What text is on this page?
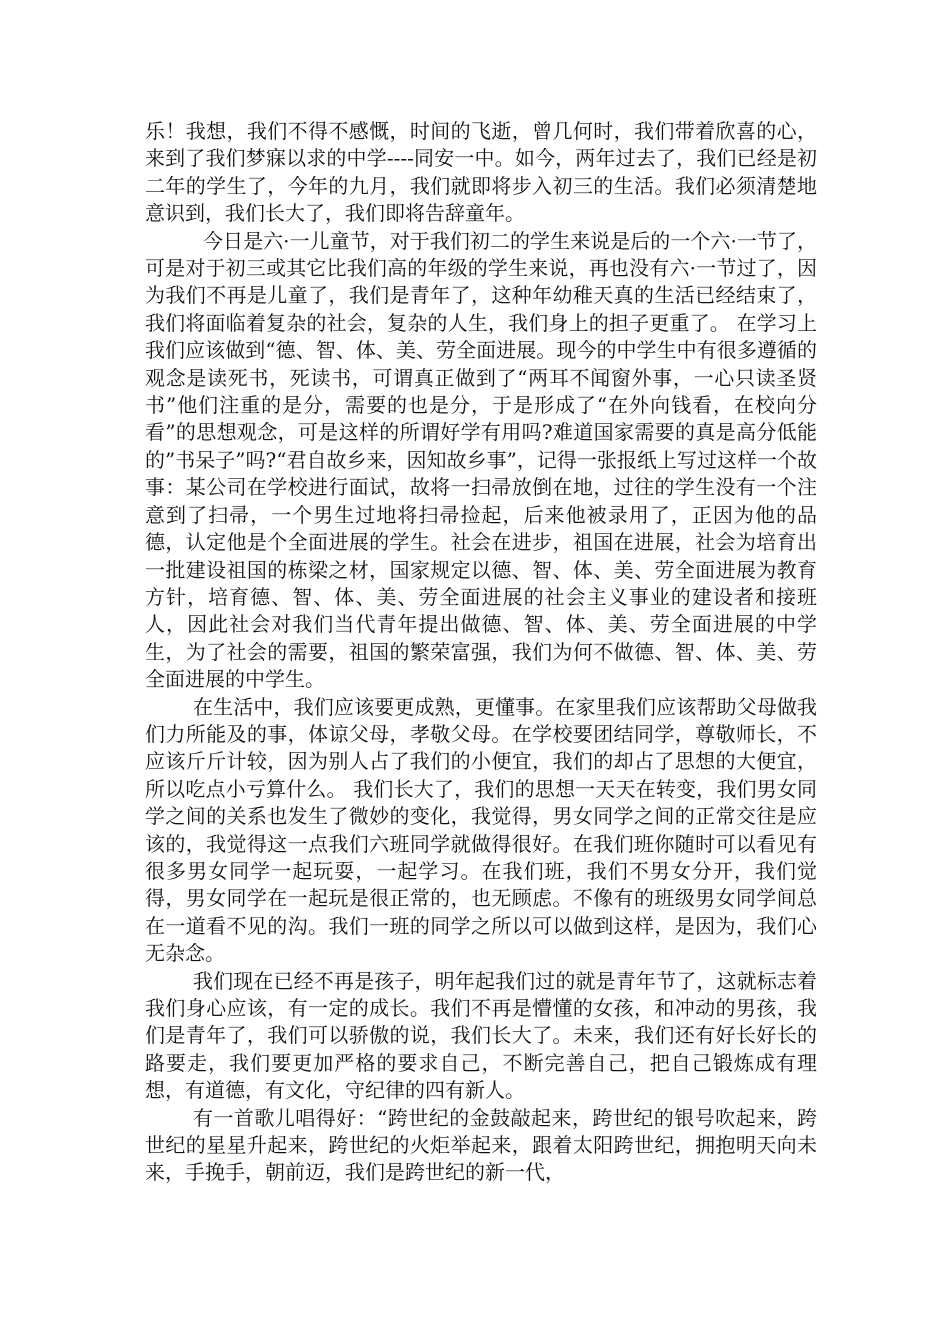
乐！我想，我们不得不感慨，时间的飞逝，曾几何时，我们带着欣喜的心，来到了我们梦寐以求的中学----同安一中。如今，两年过去了，我们已经是初二年的学生了，今年的九月，我们就即将步入初三的生活。我们必须清楚地意识到，我们长大了，我们即将告辞童年。

今日是六·一儿童节，对于我们初二的学生来说是后的一个六·一节了，可是对于初三或其它比我们高的年级的学生来说，再也没有六·一节过了，因为我们不再是儿童了，我们是青年了，这种年幼稚天真的生活已经结束了，我们将面临着复杂的社会，复杂的人生，我们身上的担子更重了。 在学习上我们应该做到“德、智、体、美、劳全面进展。现今的中学生中有很多遵循的观念是读死书，死读书，可谓真正做到了“两耳不闻窗外事，一心只读圣贤书”他们注重的是分，需要的也是分，于是形成了“在外向钱看，在校向分看”的思想观念，可是这样的所谓好学有用吗?难道国家需要的真是高分低能的”书呆子”吗?“君自故乡来，因知故乡事”，记得一张报纸上写过这样一个故事：某公司在学校进行面试，故将一扫帚放倒在地，过往的学生没有一个注意到了扫帚，一个男生过地将扫帚捡起，后来他被录用了，正因为他的品德，认定他是个全面进展的学生。社会在进步，祖国在进展，社会为培育出一批建设祖国的栋梁之材，国家规定以德、智、体、美、劳全面进展为教育方针，培育德、智、体、美、劳全面进展的社会主义事业的建设者和接班人，因此社会对我们当代青年提出做德、智、体、美、劳全面进展的中学生，为了社会的需要，祖国的繁荣富强，我们为何不做德、智、体、美、劳全面进展的中学生。

在生活中，我们应该要更成熟，更懂事。在家里我们应该帮助父母做我们力所能及的事，体谅父母，孝敬父母。在学校要团结同学，尊敬师长，不应该斤斤计较，因为别人占了我们的小便宜，我们的却占了思想的大便宜，所以吃点小亏算什么。 我们长大了，我们的思想一天天在转变，我们男女同学之间的关系也发生了微妙的变化，我觉得，男女同学之间的正常交往是应该的，我觉得这一点我们六班同学就做得很好。在我们班你随时可以看见有很多男女同学一起玩耍，一起学习。在我们班，我们不男女分开，我们觉得，男女同学在一起玩是很正常的，也无顾虑。不像有的班级男女同学间总在一道看不见的沟。我们一班的同学之所以可以做到这样，是因为，我们心无杂念。

我们现在已经不再是孩子，明年起我们过的就是青年节了，这就标志着我们身心应该，有一定的成长。我们不再是懵懂的女孩，和冲动的男孩，我们是青年了，我们可以骄傲的说，我们长大了。未来，我们还有好长好长的路要走，我们要更加严格的要求自己，不断完善自己，把自己锻炼成有理想，有道德，有文化，守纪律的四有新人。

有一首歌儿唱得好：“跨世纪的金鼓敲起来，跨世纪的银号吹起来，跨世纪的星星升起来，跨世纪的火炬举起来，跟着太阳跨世纪，拥抱明天向未来，手挽手，朝前迈，我们是跨世纪的新一代，
